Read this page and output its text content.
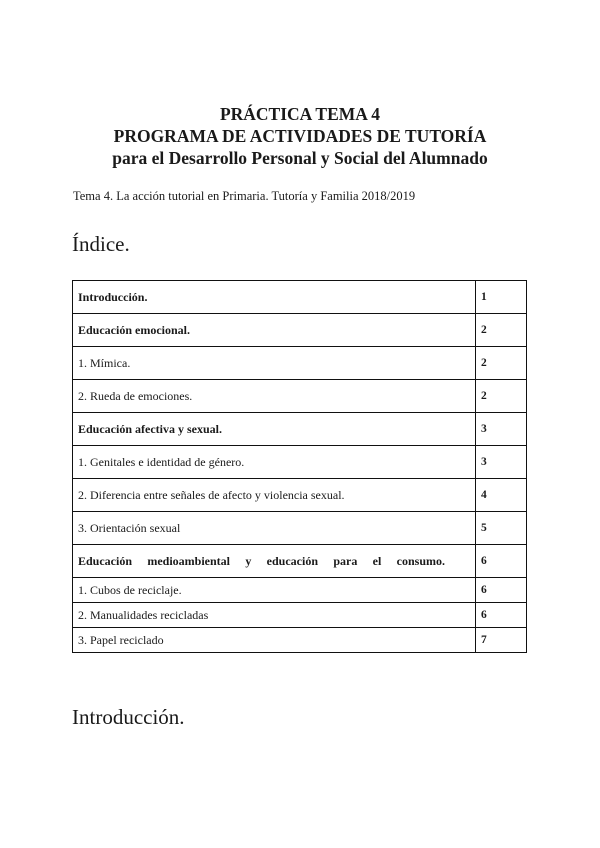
PRÁCTICA TEMA 4
PROGRAMA DE ACTIVIDADES DE TUTORÍA
para el Desarrollo Personal y Social del Alumnado
Tema 4. La acción tutorial en Primaria. Tutoría y Familia 2018/2019
Índice.
Introducción.	1
Educación emocional.	2
1. Mímica.	2
2. Rueda de emociones.	2
Educación afectiva y sexual.	3
1. Genitales e identidad de género.	3
2. Diferencia entre señales de afecto y violencia sexual.	4
3. Orientación sexual	5
Educación medioambiental y educación para el consumo.	6
1. Cubos de reciclaje.	6
2. Manualidades recicladas	6
3. Papel reciclado	7
Introducción.
